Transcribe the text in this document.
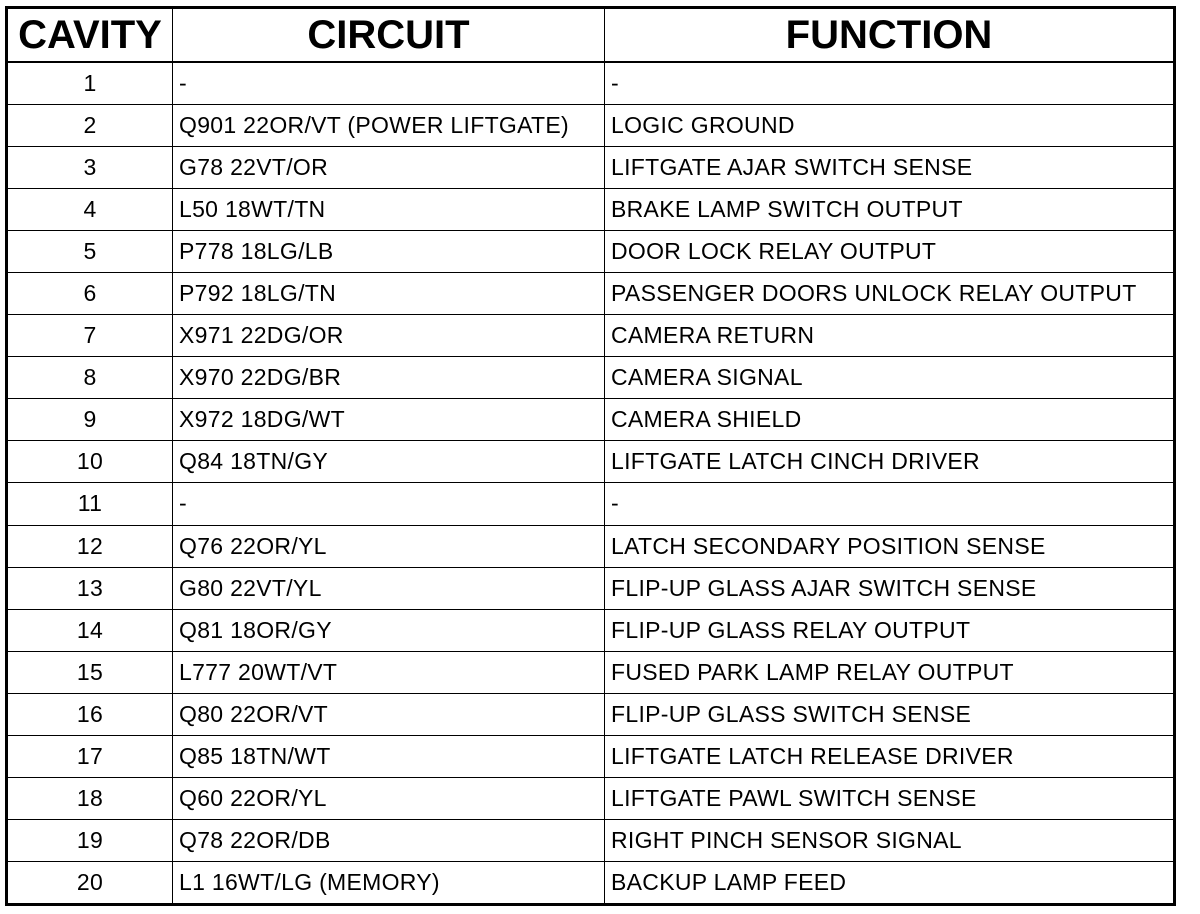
CAVITY	CIRCUIT	FUNCTION
1	-	-
2	Q901 22OR/VT (POWER LIFTGATE)	LOGIC GROUND
3	G78 22VT/OR	LIFTGATE AJAR SWITCH SENSE
4	L50 18WT/TN	BRAKE LAMP SWITCH OUTPUT
5	P778 18LG/LB	DOOR LOCK RELAY OUTPUT
6	P792 18LG/TN	PASSENGER DOORS UNLOCK RELAY OUTPUT
7	X971 22DG/OR	CAMERA RETURN
8	X970 22DG/BR	CAMERA SIGNAL
9	X972 18DG/WT	CAMERA SHIELD
10	Q84 18TN/GY	LIFTGATE LATCH CINCH DRIVER
11	-	-
12	Q76 22OR/YL	LATCH SECONDARY POSITION SENSE
13	G80 22VT/YL	FLIP-UP GLASS AJAR SWITCH SENSE
14	Q81 18OR/GY	FLIP-UP GLASS RELAY OUTPUT
15	L777 20WT/VT	FUSED PARK LAMP RELAY OUTPUT
16	Q80 22OR/VT	FLIP-UP GLASS SWITCH SENSE
17	Q85 18TN/WT	LIFTGATE LATCH RELEASE DRIVER
18	Q60 22OR/YL	LIFTGATE PAWL SWITCH SENSE
19	Q78 22OR/DB	RIGHT PINCH SENSOR SIGNAL
20	L1 16WT/LG (MEMORY)	BACKUP LAMP FEED
